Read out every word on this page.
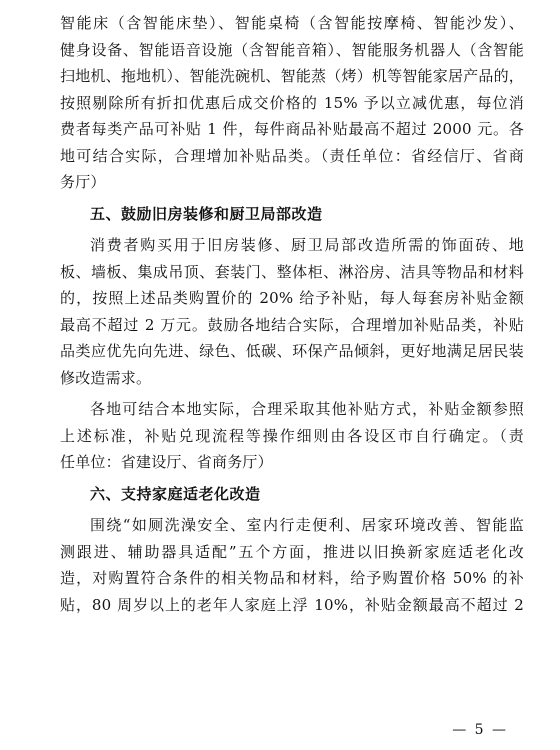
智能床（含智能床垫）、智能桌椅（含智能按摩椅、智能沙发）、
健身设备、智能语音设施（含智能音箱）、智能服务机器人（含智能
扫地机、拖地机）、智能洗碗机、智能蒸（烤）机等智能家居产品的，
按照剔除所有折扣优惠后成交价格的 15% 予以立减优惠，每位消
费者每类产品可补贴 1 件，每件商品补贴最高不超过 2000 元。各
地可结合实际，合理增加补贴品类。（责任单位：省经信厅、省商
务厅）
五、鼓励旧房装修和厨卫局部改造
消费者购买用于旧房装修、厨卫局部改造所需的饰面砖、地
板、墙板、集成吊顶、套装门、整体柜、淋浴房、洁具等物品和材料
的，按照上述品类购置价的 20% 给予补贴，每人每套房补贴金额
最高不超过 2 万元。鼓励各地结合实际，合理增加补贴品类，补贴
品类应优先向先进、绿色、低碳、环保产品倾斜，更好地满足居民装
修改造需求。
各地可结合本地实际，合理采取其他补贴方式，补贴金额参照
上述标准，补贴兑现流程等操作细则由各设区市自行确定。（责
任单位：省建设厅、省商务厅）
六、支持家庭适老化改造
围绕“如厕洗澡安全、室内行走便利、居家环境改善、智能监
测跟进、辅助器具适配”五个方面，推进以旧换新家庭适老化改
造，对购置符合条件的相关物品和材料，给予购置价格 50% 的补
贴，80 周岁以上的老年人家庭上浮 10%，补贴金额最高不超过 2
— 5 —
